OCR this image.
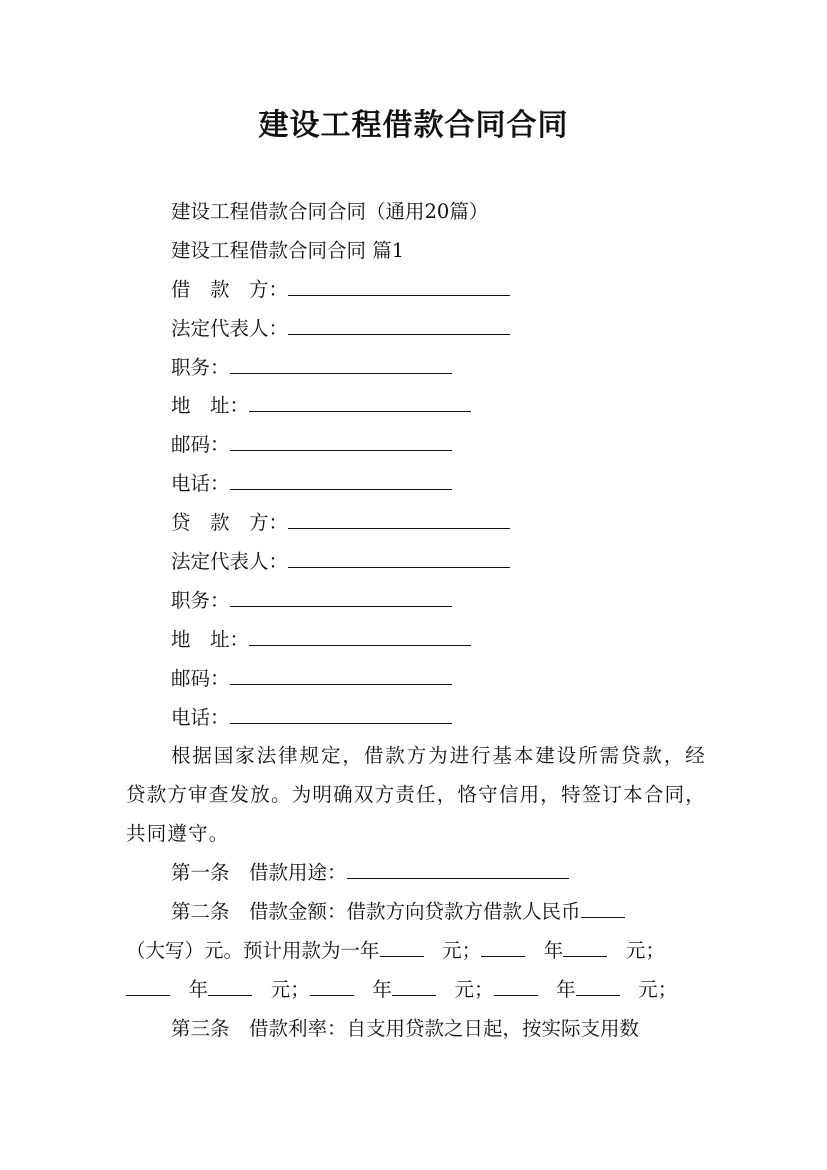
建设工程借款合同合同
建设工程借款合同合同（通用20篇）
建设工程借款合同合同 篇1
借　款　方：
法定代表人：
职务：
地　址：
邮码：
电话：
贷　款　方：
法定代表人：
职务：
地　址：
邮码：
电话：
根据国家法律规定，借款方为进行基本建设所需贷款，经贷款方审查发放。为明确双方责任，恪守信用，特签订本合同，共同遵守。
第一条　借款用途：
第二条　借款金额：借款方向贷款方借款人民币
（大写）元。预计用款为一年	元；	年	元；
年	元；	年	元；	年	元；
第三条　借款利率：自支用贷款之日起，按实际支用数
